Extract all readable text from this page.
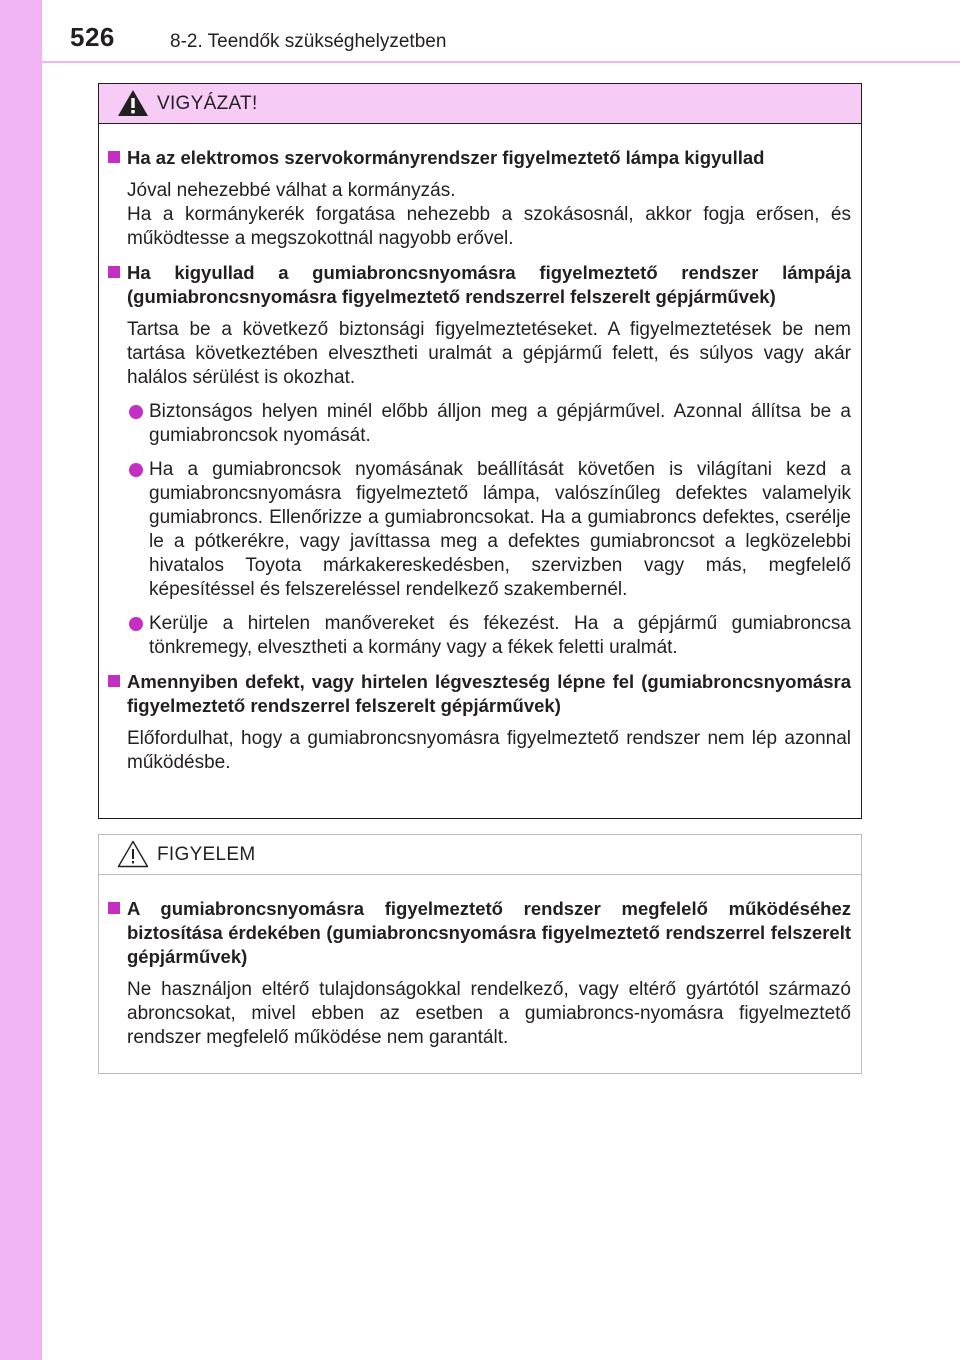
526	8-2. Teendők szükséghelyzetben
VIGYÁZAT!
Ha az elektromos szervokormányrendszer figyelmeztető lámpa kigyullad
Jóval nehezebbé válhat a kormányzás.
Ha a kormánykerék forgatása nehezebb a szokásosnál, akkor fogja erősen, és működtesse a megszokottnál nagyobb erővel.
Ha kigyullad a gumiabroncsnyomásra figyelmeztető rendszer lámpája (gumiabroncsnyomásra figyelmeztető rendszerrel felszerelt gépjárművek)
Tartsa be a következő biztonsági figyelmeztetéseket. A figyelmeztetések be nem tartása következtében elvesztheti uralmát a gépjármű felett, és súlyos vagy akár halálos sérülést is okozhat.
Biztonságos helyen minél előbb álljon meg a gépjárművel. Azonnal állítsa be a gumiabroncsok nyomását.
Ha a gumiabroncsok nyomásának beállítását követően is világítani kezd a gumiabroncsnyomásra figyelmeztető lámpa, valószínűleg defektes valamelyik gumiabroncs. Ellenőrizze a gumiabroncsokat. Ha a gumiabroncs defektes, cserélje le a pótkerékre, vagy javíttassa meg a defektes gumiabroncsot a legközelebbi hivatalos Toyota márkakereskedésben, szervizben vagy más, megfelelő képesítéssel és felszereléssel rendelkező szakembernél.
Kerülje a hirtelen manővereket és fékezést. Ha a gépjármű gumiabroncsa tönkremegy, elvesztheti a kormány vagy a fékek feletti uralmát.
Amennyiben defekt, vagy hirtelen légveszteség lépne fel (gumiabroncsnyomásra figyelmeztető rendszerrel felszerelt gépjárművek)
Előfordulhat, hogy a gumiabroncsnyomásra figyelmeztető rendszer nem lép azonnal működésbe.
FIGYELEM
A gumiabroncsnyomásra figyelmeztető rendszer megfelelő működéséhez biztosítása érdekében (gumiabroncsnyomásra figyelmeztető rendszerrel felszerelt gépjárművek)
Ne használjon eltérő tulajdonságokkal rendelkező, vagy eltérő gyártótól származó abroncsokat, mivel ebben az esetben a gumiabroncs-nyomásra figyelmeztető rendszer megfelelő működése nem garantált.
